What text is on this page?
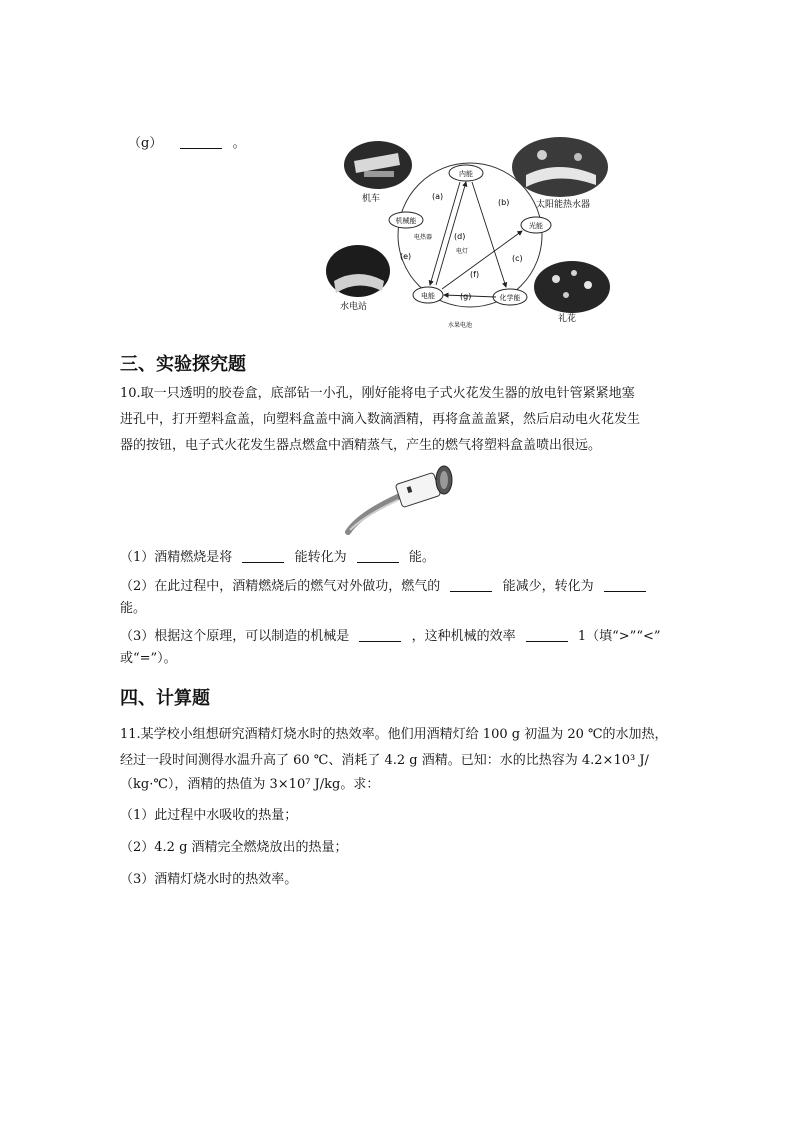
（g）	。
内能
机械能
光能
电能	化学能
(a)
(b)
(c)
(d)
(f)
(g)
(e)
电热器
电灯
水果电池
机车
太阳能热水器
水电站
礼花
三、实验探究题
10.取一只透明的胶卷盒，底部钻一小孔，刚好能将电子式火花发生器的放电针管紧紧地塞
进孔中，打开塑料盒盖，向塑料盒盖中滴入数滴酒精，再将盒盖盖紧，然后启动电火花发生
器的按钮，电子式火花发生器点燃盒中酒精蒸气，产生的燃气将塑料盒盖喷出很远。
（1）酒精燃烧是将	能转化为	能。
（2）在此过程中，酒精燃烧后的燃气对外做功，燃气的	能减少，转化为
能。
（3）根据这个原理，可以制造的机械是	，这种机械的效率	1（填“>”“<”
或“=”）。
四、计算题
11.某学校小组想研究酒精灯烧水时的热效率。他们用酒精灯给 100 g 初温为 20 ℃的水加热，
经过一段时间测得水温升高了 60 ℃、消耗了 4.2 g 酒精。已知：水的比热容为 4.2×10³ J/
（kg·℃），酒精的热值为 3×10⁷ J/kg。求：
（1）此过程中水吸收的热量；
（2）4.2 g 酒精完全燃烧放出的热量；
（3）酒精灯烧水时的热效率。
